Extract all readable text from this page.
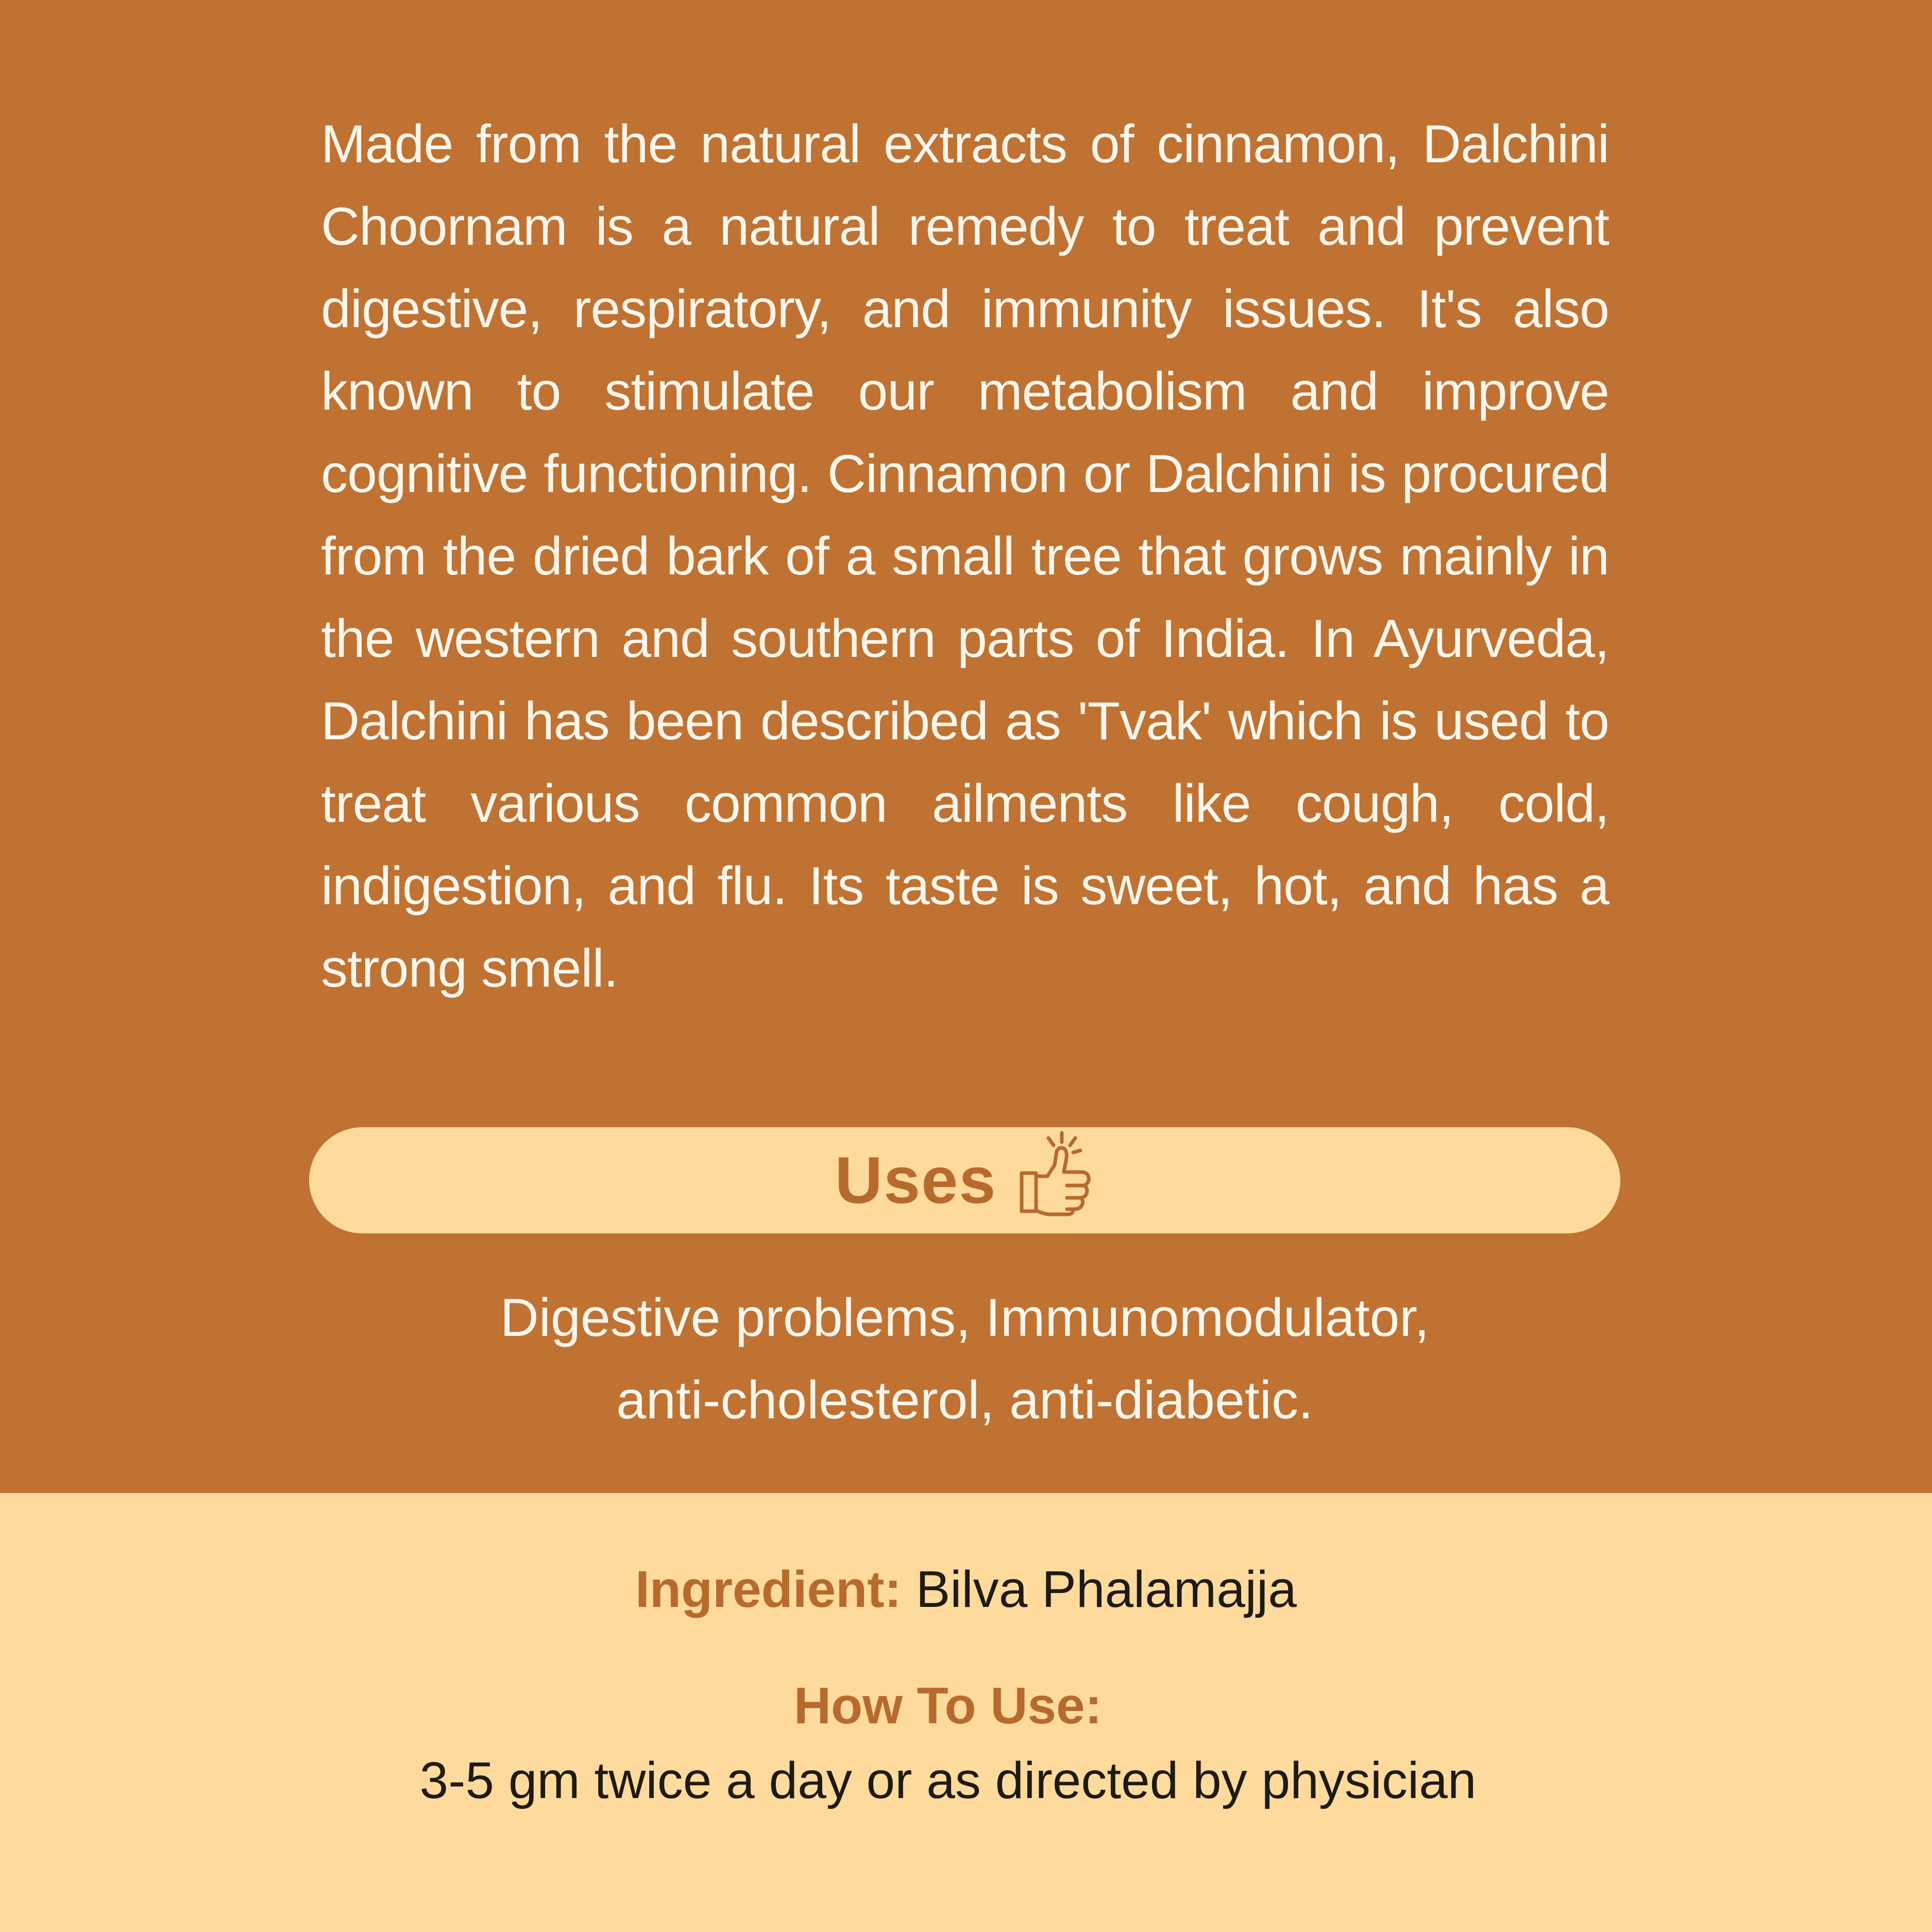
Made from the natural extracts of cinnamon, Dalchini Choornam is a natural remedy to treat and prevent digestive, respiratory, and immunity issues. It's also known to stimulate our metabolism and improve cognitive functioning. Cinnamon or Dalchini is procured from the dried bark of a small tree that grows mainly in the western and southern parts of India. In Ayurveda, Dalchini has been described as 'Tvak' which is used to treat various common ailments like cough, cold, indigestion, and flu. Its taste is sweet, hot, and has a strong smell.

Uses

Digestive problems, Immunomodulator,
anti-cholesterol, anti-diabetic.

Ingredient: Bilva Phalamajja

How To Use:

3-5 gm twice a day or as directed by physician
